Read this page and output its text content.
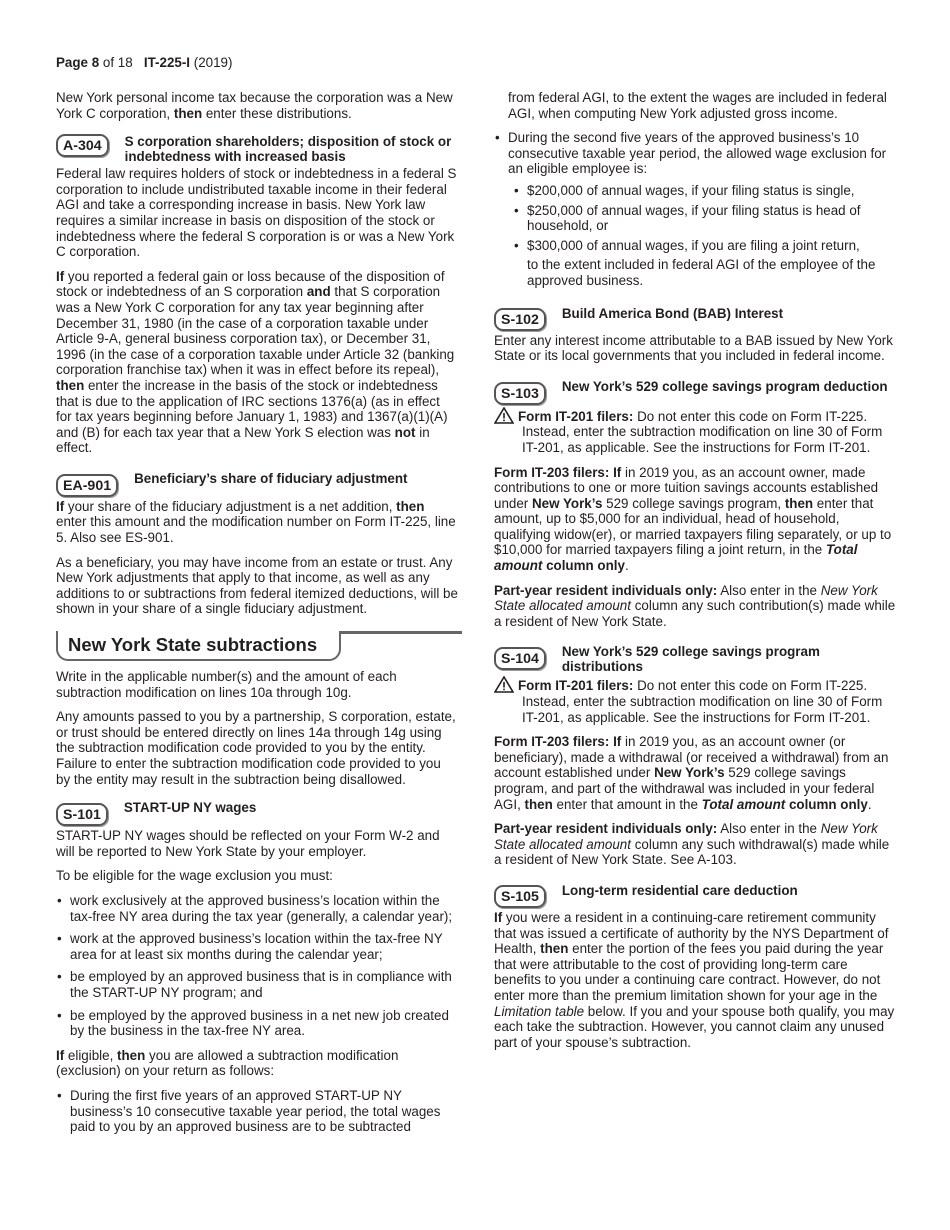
Page 8 of 18 IT-225-I (2019)

New York personal income tax because the corporation was a New York C corporation, then enter these distributions.

A-304	S corporation shareholders; disposition of stock or indebtedness with increased basis

Federal law requires holders of stock or indebtedness in a federal S corporation to include undistributed taxable income in their federal AGI and take a corresponding increase in basis. New York law requires a similar increase in basis on disposition of the stock or indebtedness where the federal S corporation is or was a New York C corporation.

If you reported a federal gain or loss because of the disposition of stock or indebtedness of an S corporation and that S corporation was a New York C corporation for any tax year beginning after December 31, 1980 (in the case of a corporation taxable under Article 9-A, general business corporation tax), or December 31, 1996 (in the case of a corporation taxable under Article 32 (banking corporation franchise tax) when it was in effect before its repeal), then enter the increase in the basis of the stock or indebtedness that is due to the application of IRC sections 1376(a) (as in effect for tax years beginning before January 1, 1983) and 1367(a)(1)(A) and (B) for each tax year that a New York S election was not in effect.

EA-901	Beneficiary’s share of fiduciary adjustment

If your share of the fiduciary adjustment is a net addition, then enter this amount and the modification number on Form IT-225, line 5. Also see ES-901.

As a beneficiary, you may have income from an estate or trust. Any New York adjustments that apply to that income, as well as any additions to or subtractions from federal itemized deductions, will be shown in your share of a single fiduciary adjustment.

New York State subtractions

Write in the applicable number(s) and the amount of each subtraction modification on lines 10a through 10g.

Any amounts passed to you by a partnership, S corporation, estate, or trust should be entered directly on lines 14a through 14g using the subtraction modification code provided to you by the entity. Failure to enter the subtraction modification code provided to you by the entity may result in the subtraction being disallowed.

S-101	START-UP NY wages

START-UP NY wages should be reflected on your Form W-2 and will be reported to New York State by your employer.

To be eligible for the wage exclusion you must:

• work exclusively at the approved business’s location within the tax-free NY area during the tax year (generally, a calendar year);
• work at the approved business’s location within the tax-free NY area for at least six months during the calendar year;
• be employed by an approved business that is in compliance with the START-UP NY program; and
• be employed by the approved business in a net new job created by the business in the tax-free NY area.

If eligible, then you are allowed a subtraction modification (exclusion) on your return as follows:

• During the first five years of an approved START-UP NY business’s 10 consecutive taxable year period, the total wages paid to you by an approved business are to be subtracted

from federal AGI, to the extent the wages are included in federal AGI, when computing New York adjusted gross income.

• During the second five years of the approved business’s 10 consecutive taxable year period, the allowed wage exclusion for an eligible employee is:
• $200,000 of annual wages, if your filing status is single,
• $250,000 of annual wages, if your filing status is head of household, or
• $300,000 of annual wages, if you are filing a joint return,
to the extent included in federal AGI of the employee of the approved business.
S-102	Build America Bond (BAB) Interest

Enter any interest income attributable to a BAB issued by New York State or its local governments that you included in federal income.

S-103	New York’s 529 college savings program deduction

Form IT-201 filers: Do not enter this code on Form IT-225. Instead, enter the subtraction modification on line 30 of Form IT-201, as applicable. See the instructions for Form IT-201.

Form IT-203 filers: If in 2019 you, as an account owner, made contributions to one or more tuition savings accounts established under New York’s 529 college savings program, then enter that amount, up to $5,000 for an individual, head of household, qualifying widow(er), or married taxpayers filing separately, or up to $10,000 for married taxpayers filing a joint return, in the Total amount column only.

Part-year resident individuals only: Also enter in the New York State allocated amount column any such contribution(s) made while a resident of New York State.

S-104	New York’s 529 college savings program distributions

Form IT-201 filers: Do not enter this code on Form IT-225. Instead, enter the subtraction modification on line 30 of Form IT-201, as applicable. See the instructions for Form IT-201.

Form IT-203 filers: If in 2019 you, as an account owner (or beneficiary), made a withdrawal (or received a withdrawal) from an account established under New York’s 529 college savings program, and part of the withdrawal was included in your federal AGI, then enter that amount in the Total amount column only.

Part-year resident individuals only: Also enter in the New York State allocated amount column any such withdrawal(s) made while a resident of New York State. See A-103.

S-105	Long-term residential care deduction

If you were a resident in a continuing-care retirement community that was issued a certificate of authority by the NYS Department of Health, then enter the portion of the fees you paid during the year that were attributable to the cost of providing long-term care benefits to you under a continuing care contract. However, do not enter more than the premium limitation shown for your age in the Limitation table below. If you and your spouse both qualify, you may each take the subtraction. However, you cannot claim any unused part of your spouse’s subtraction.
